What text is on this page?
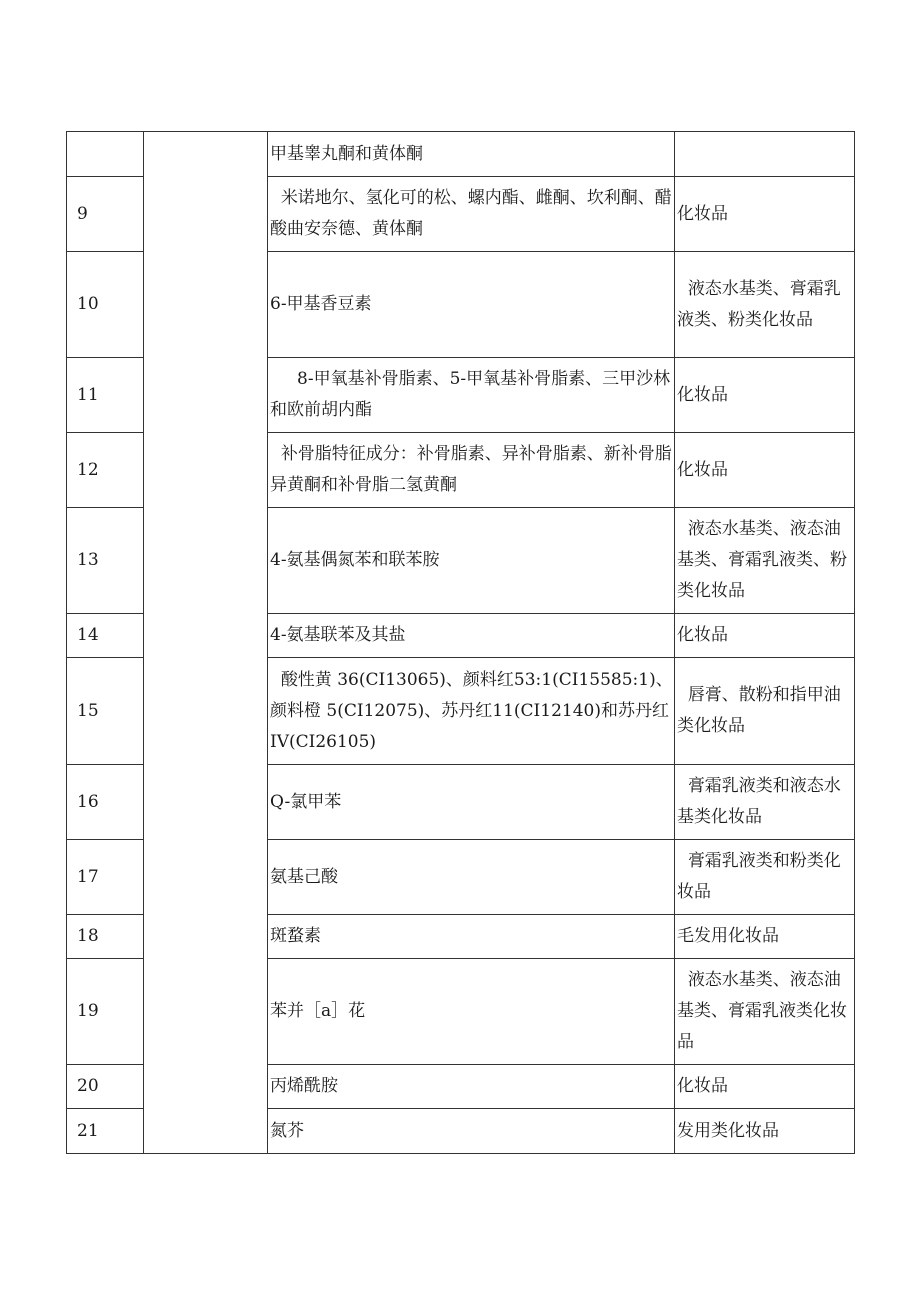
		甲基睾丸酮和黄体酮	

9		米诺地尔、氢化可的松、螺内酯、雌酮、坎利酮、醋酸曲安奈德、黄体酮	化妆品

10		6-甲基香豆素	液态水基类、膏霜乳液类、粉类化妆品

11		8-甲氧基补骨脂素、5-甲氧基补骨脂素、三甲沙林和欧前胡内酯	化妆品

12		补骨脂特征成分：补骨脂素、异补骨脂素、新补骨脂异黄酮和补骨脂二氢黄酮	化妆品

13		4-氨基偶氮苯和联苯胺	液态水基类、液态油基类、膏霜乳液类、粉类化妆品

14		4-氨基联苯及其盐	化妆品

15		酸性黄 36(CI13065)、颜料红53:1(CI15585:1)、颜料橙 5(CI12075)、苏丹红11(CI12140)和苏丹红 IV(CI26105)	唇膏、散粉和指甲油类化妆品

16		Q-氯甲苯	膏霜乳液类和液态水基类化妆品

17		氨基己酸	膏霜乳液类和粉类化妆品

18		斑蝥素	毛发用化妆品

19		苯并［a］花	液态水基类、液态油基类、膏霜乳液类化妆品

20		丙烯酰胺	化妆品

21		氮芥	发用类化妆品
